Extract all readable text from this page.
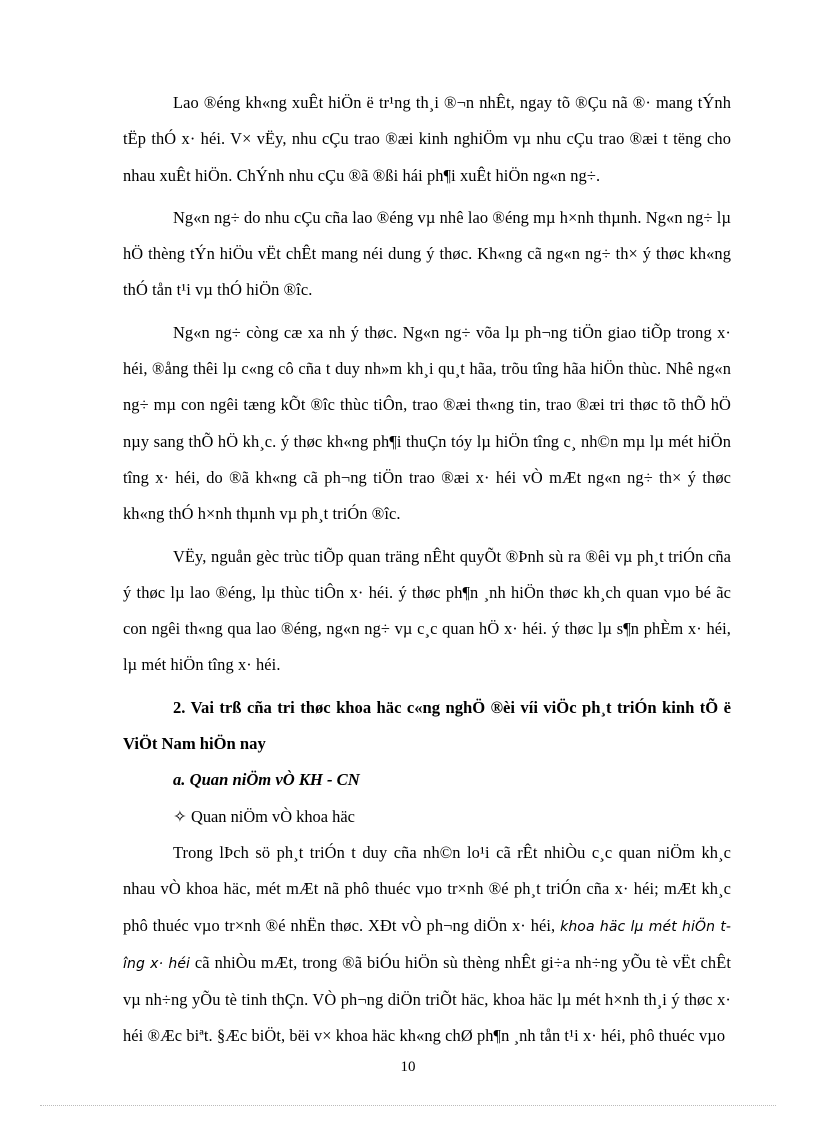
Lao ®éng kh«ng xuÊt hiÖn ë tr¹ng th¸i ®¬n nhÊt, ngay tõ ®Çu nã ®· mang tÝnh tËp thÓ x· héi. V× vËy, nhu cÇu trao ®æi kinh nghiÖm vµ nhu cÇu trao ®æi t tëng cho nhau xuÊt hiÖn. ChÝnh nhu cÇu ®ã ®ßi hái ph¶i xuÊt hiÖn ng«n ng÷.

Ng«n ng÷ do nhu cÇu cña lao ®éng vµ nhê lao ®éng mµ h×nh thµnh. Ng«n ng÷ lµ hÖ thèng tÝn hiÖu vËt chÊt mang néi dung ý thøc. Kh«ng cã ng«n ng÷ th× ý thøc kh«ng thÓ tån t¹i vµ thÓ hiÖn ®îc.

Ng«n ng÷ còng cæ xa nh ý thøc. Ng«n ng÷ võa lµ ph¬ng tiÖn giao tiÕp trong x· héi, ®ång thêi lµ c«ng cô cña t duy nh»m kh¸i qu¸t hãa, trõu tîng hãa hiÖn thùc. Nhê ng«n ng÷ mµ con ngêi tæng kÕt ®îc thùc tiÔn, trao ®æi th«ng tin, trao ®æi tri thøc tõ thÕ hÖ nµy sang thÕ hÖ kh¸c. ý thøc kh«ng ph¶i thuÇn tóy lµ hiÖn tîng c¸ nh©n mµ lµ mét hiÖn tîng x· héi, do ®ã kh«ng cã ph¬ng tiÖn trao ®æi x· héi vÒ mÆt ng«n ng÷ th× ý thøc kh«ng thÓ h×nh thµnh vµ ph¸t triÓn ®îc.

VËy, nguån gèc trùc tiÕp quan träng nÊht quyÕt ®Þnh sù ra ®êi vµ ph¸t triÓn cña ý thøc lµ lao ®éng, lµ thùc tiÔn x· héi. ý thøc ph¶n ¸nh hiÖn thøc kh¸ch quan vµo bé ãc con ngêi th«ng qua lao ®éng, ng«n ng÷ vµ c¸c quan hÖ x· héi. ý thøc lµ s¶n phÈm x· héi, lµ mét hiÖn tîng x· héi.

2. Vai trß cña tri thøc khoa häc c«ng nghÖ ®èi víi viÖc ph¸t triÓn kinh tÕ ë ViÖt Nam hiÖn nay

a. Quan niÖm vÒ KH - CN

✧ Quan niÖm vÒ khoa häc

Trong lÞch sö ph¸t triÓn t duy cña nh©n lo¹i cã rÊt nhiÒu c¸c quan niÖm kh¸c nhau vÒ khoa häc, mét mÆt nã phô thuéc vµo tr×nh ®é ph¸t triÓn cña x· héi; mÆt kh¸c phô thuéc vµo tr×nh ®é nhËn thøc. XÐt vÒ ph¬ng diÖn x· héi, khoa häc lµ mét hiÖn tîng x· héi cã nhiÒu mÆt, trong ®ã biÓu hiÖn sù thèng nhÊt gi÷a nh÷ng yÕu tè vËt chÊt vµ nh÷ng yÕu tè tinh thÇn. VÒ ph¬ng diÖn triÕt häc, khoa häc lµ mét h×nh th¸i ý thøc x· héi ®Æc biªt. §Æc biÖt, bëi v× khoa häc kh«ng chØ ph¶n ¸nh tån t¹i x· héi, phô thuéc vµo

10
